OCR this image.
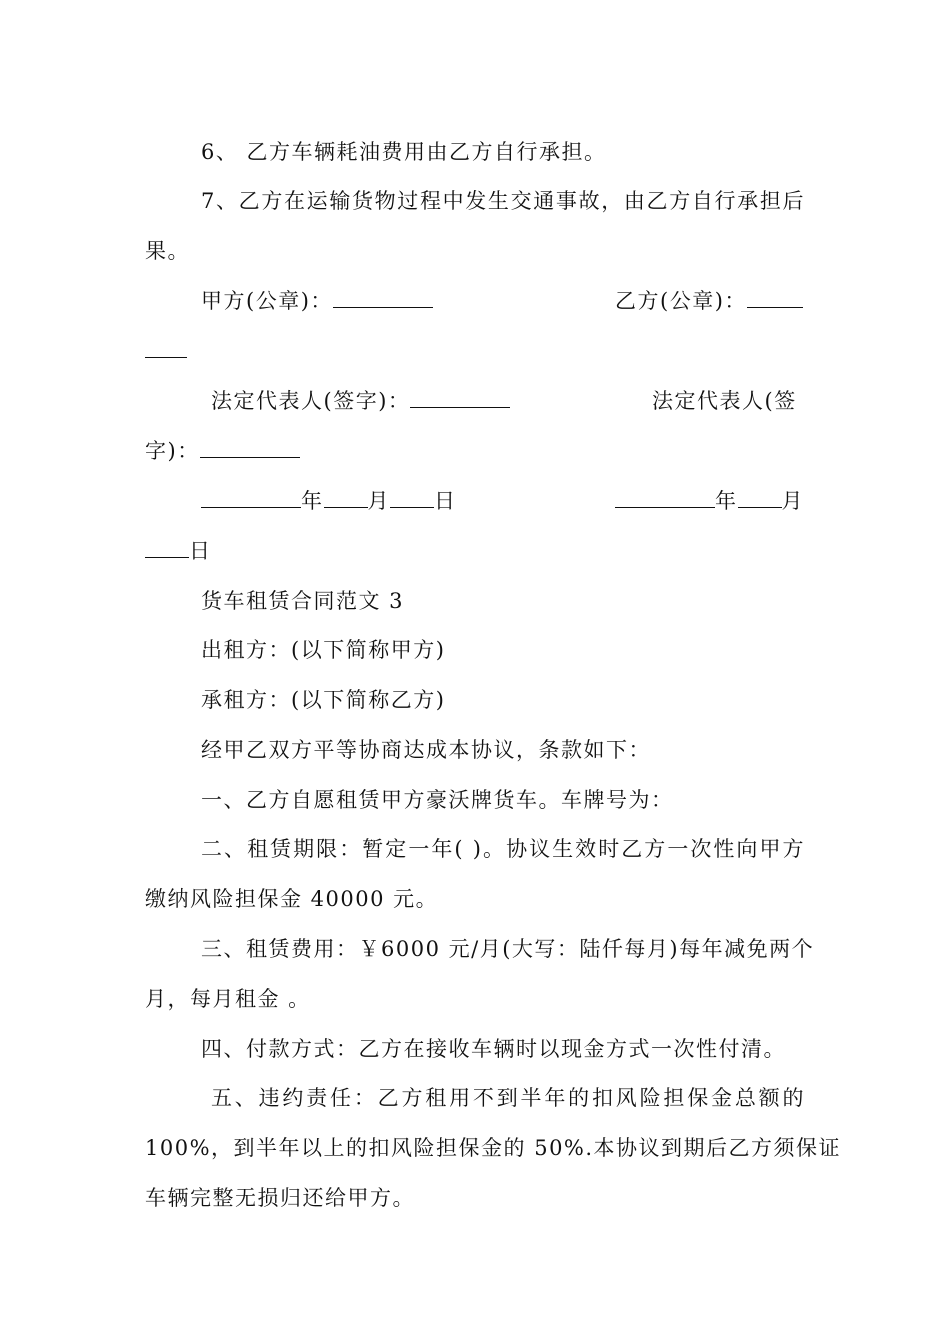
6、 乙方车辆耗油费用由乙方自行承担。
7、乙方在运输货物过程中发生交通事故，由乙方自行承担后
果。
甲方(公章)：	乙方(公章)：
法定代表人(签字)：	法定代表人(签
字)：
年 月 日	年 月
日
货车租赁合同范文 3
出租方：(以下简称甲方)
承租方：(以下简称乙方)
经甲乙双方平等协商达成本协议，条款如下：
一、乙方自愿租赁甲方豪沃牌货车。车牌号为：
二、租赁期限：暂定一年( )。协议生效时乙方一次性向甲方
缴纳风险担保金 40000 元。
三、租赁费用：￥6000 元/月(大写：陆仟每月)每年减免两个
月，每月租金 。
四、付款方式：乙方在接收车辆时以现金方式一次性付清。
五、违约责任：乙方租用不到半年的扣风险担保金总额的
100%，到半年以上的扣风险担保金的 50%.本协议到期后乙方须保证
车辆完整无损归还给甲方。
